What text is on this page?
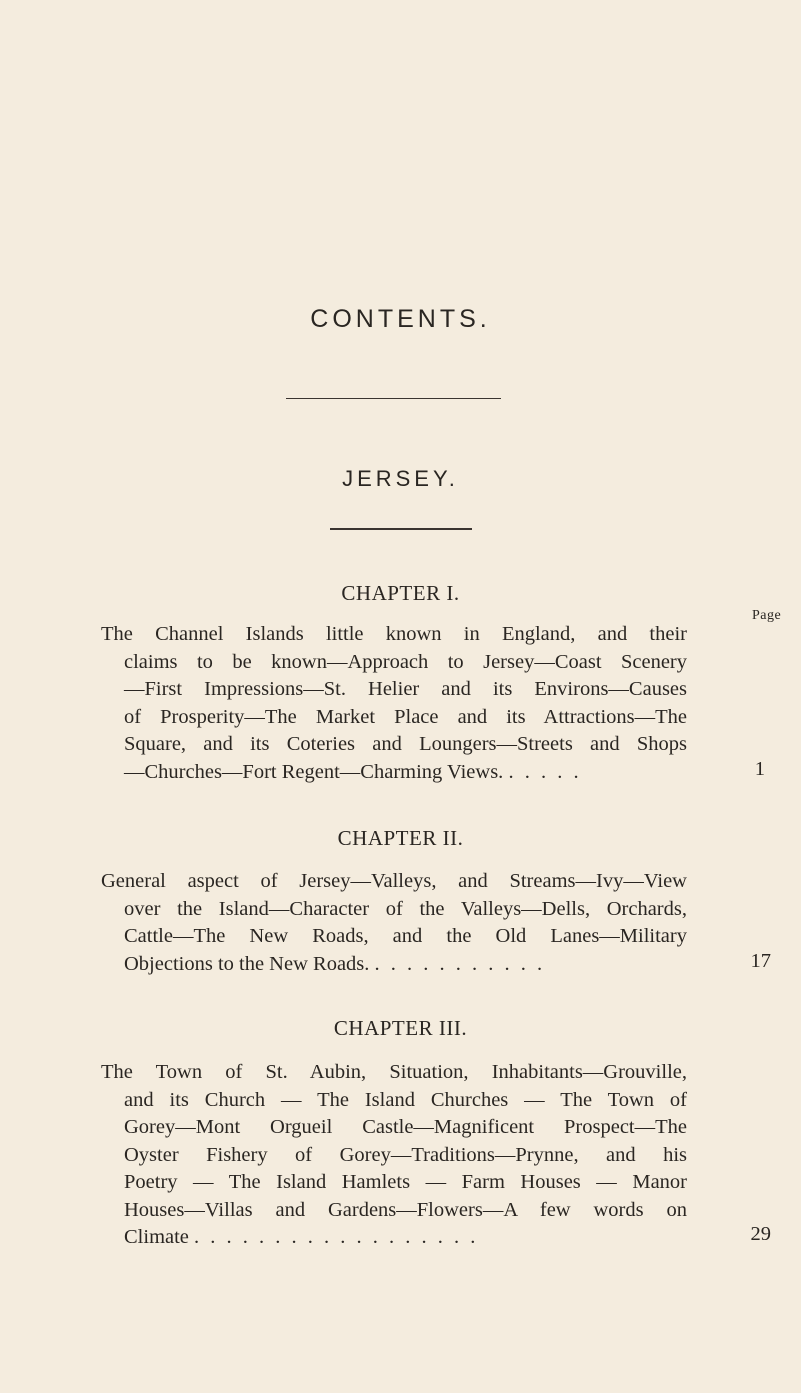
CONTENTS.
JERSEY.
CHAPTER I.
Page
The Channel Islands little known in England, and their
claims to be known—Approach to Jersey—Coast Scenery
—First Impressions—St. Helier and its Environs—Causes
of Prosperity—The Market Place and its Attractions—The
Square, and its Coteries and Loungers—Streets and Shops
—Churches—Fort Regent—Charming Views. . . . . .	1
CHAPTER II.
General aspect of Jersey—Valleys, and Streams—Ivy—View
over the Island—Character of the Valleys—Dells, Orchards,
Cattle—The New Roads, and the Old Lanes—Military
Objections to the New Roads. . . . . . . . . . . .	17
CHAPTER III.
The Town of St. Aubin, Situation, Inhabitants—Grouville,
and its Church — The Island Churches — The Town of
Gorey—Mont Orgueil Castle—Magnificent Prospect—The
Oyster Fishery of Gorey—Traditions—Prynne, and his
Poetry — The Island Hamlets — Farm Houses — Manor
Houses—Villas and Gardens—Flowers—A few words on
Climate . . . . . . . . . . . . . . . . . .	29
